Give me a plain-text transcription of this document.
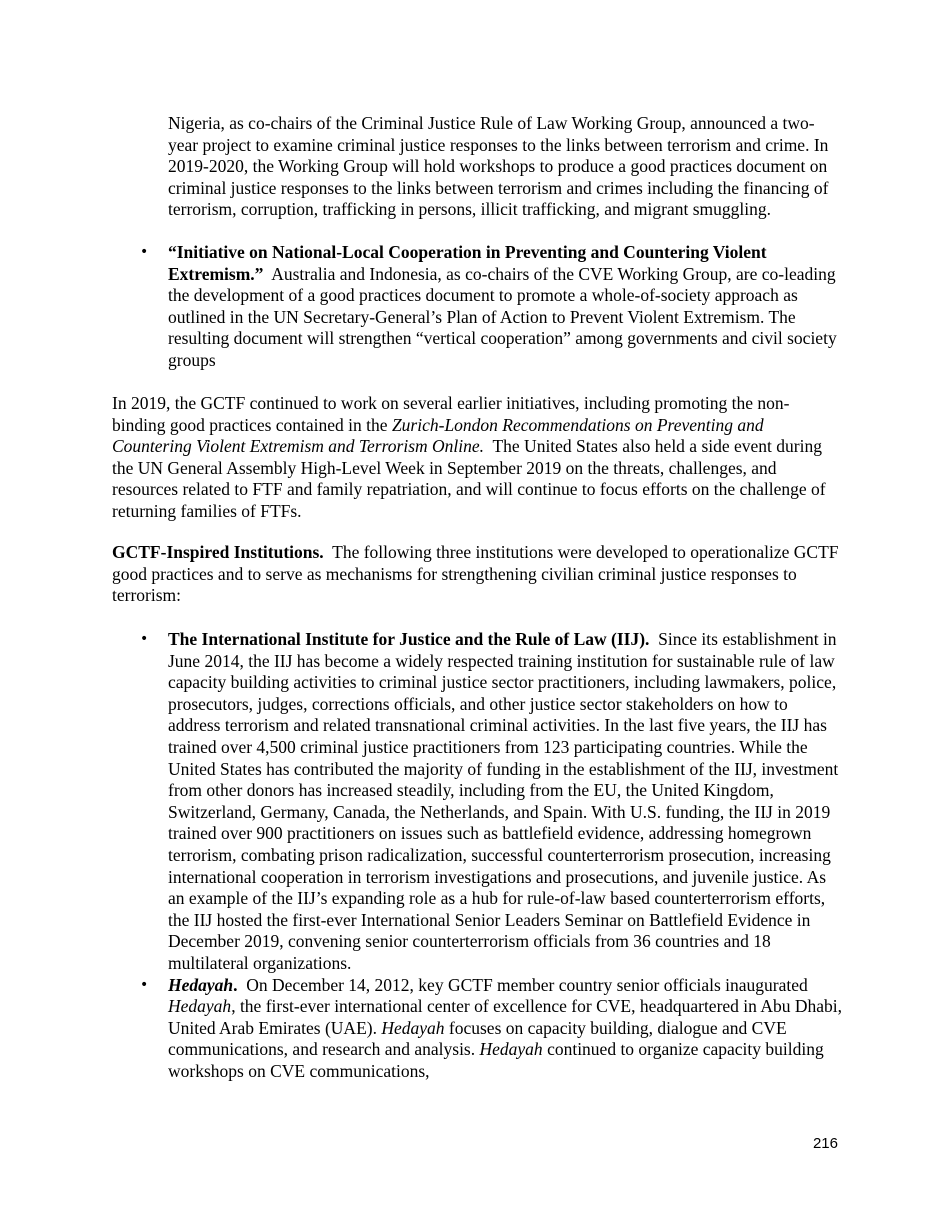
Nigeria, as co-chairs of the Criminal Justice Rule of Law Working Group, announced a two-year project to examine criminal justice responses to the links between terrorism and crime. In 2019-2020, the Working Group will hold workshops to produce a good practices document on criminal justice responses to the links between terrorism and crimes including the financing of terrorism, corruption, trafficking in persons, illicit trafficking, and migrant smuggling.

• “Initiative on National-Local Cooperation in Preventing and Countering Violent Extremism.” Australia and Indonesia, as co-chairs of the CVE Working Group, are co-leading the development of a good practices document to promote a whole-of-society approach as outlined in the UN Secretary-General’s Plan of Action to Prevent Violent Extremism. The resulting document will strengthen “vertical cooperation” among governments and civil society groups

In 2019, the GCTF continued to work on several earlier initiatives, including promoting the non-binding good practices contained in the Zurich-London Recommendations on Preventing and Countering Violent Extremism and Terrorism Online. The United States also held a side event during the UN General Assembly High-Level Week in September 2019 on the threats, challenges, and resources related to FTF and family repatriation, and will continue to focus efforts on the challenge of returning families of FTFs.

GCTF-Inspired Institutions. The following three institutions were developed to operationalize GCTF good practices and to serve as mechanisms for strengthening civilian criminal justice responses to terrorism:

• The International Institute for Justice and the Rule of Law (IIJ). Since its establishment in June 2014, the IIJ has become a widely respected training institution for sustainable rule of law capacity building activities to criminal justice sector practitioners, including lawmakers, police, prosecutors, judges, corrections officials, and other justice sector stakeholders on how to address terrorism and related transnational criminal activities. In the last five years, the IIJ has trained over 4,500 criminal justice practitioners from 123 participating countries. While the United States has contributed the majority of funding in the establishment of the IIJ, investment from other donors has increased steadily, including from the EU, the United Kingdom, Switzerland, Germany, Canada, the Netherlands, and Spain. With U.S. funding, the IIJ in 2019 trained over 900 practitioners on issues such as battlefield evidence, addressing homegrown terrorism, combating prison radicalization, successful counterterrorism prosecution, increasing international cooperation in terrorism investigations and prosecutions, and juvenile justice. As an example of the IIJ’s expanding role as a hub for rule-of-law based counterterrorism efforts, the IIJ hosted the first-ever International Senior Leaders Seminar on Battlefield Evidence in December 2019, convening senior counterterrorism officials from 36 countries and 18 multilateral organizations.
• Hedayah. On December 14, 2012, key GCTF member country senior officials inaugurated Hedayah, the first-ever international center of excellence for CVE, headquartered in Abu Dhabi, United Arab Emirates (UAE). Hedayah focuses on capacity building, dialogue and CVE communications, and research and analysis. Hedayah continued to organize capacity building workshops on CVE communications,
216
